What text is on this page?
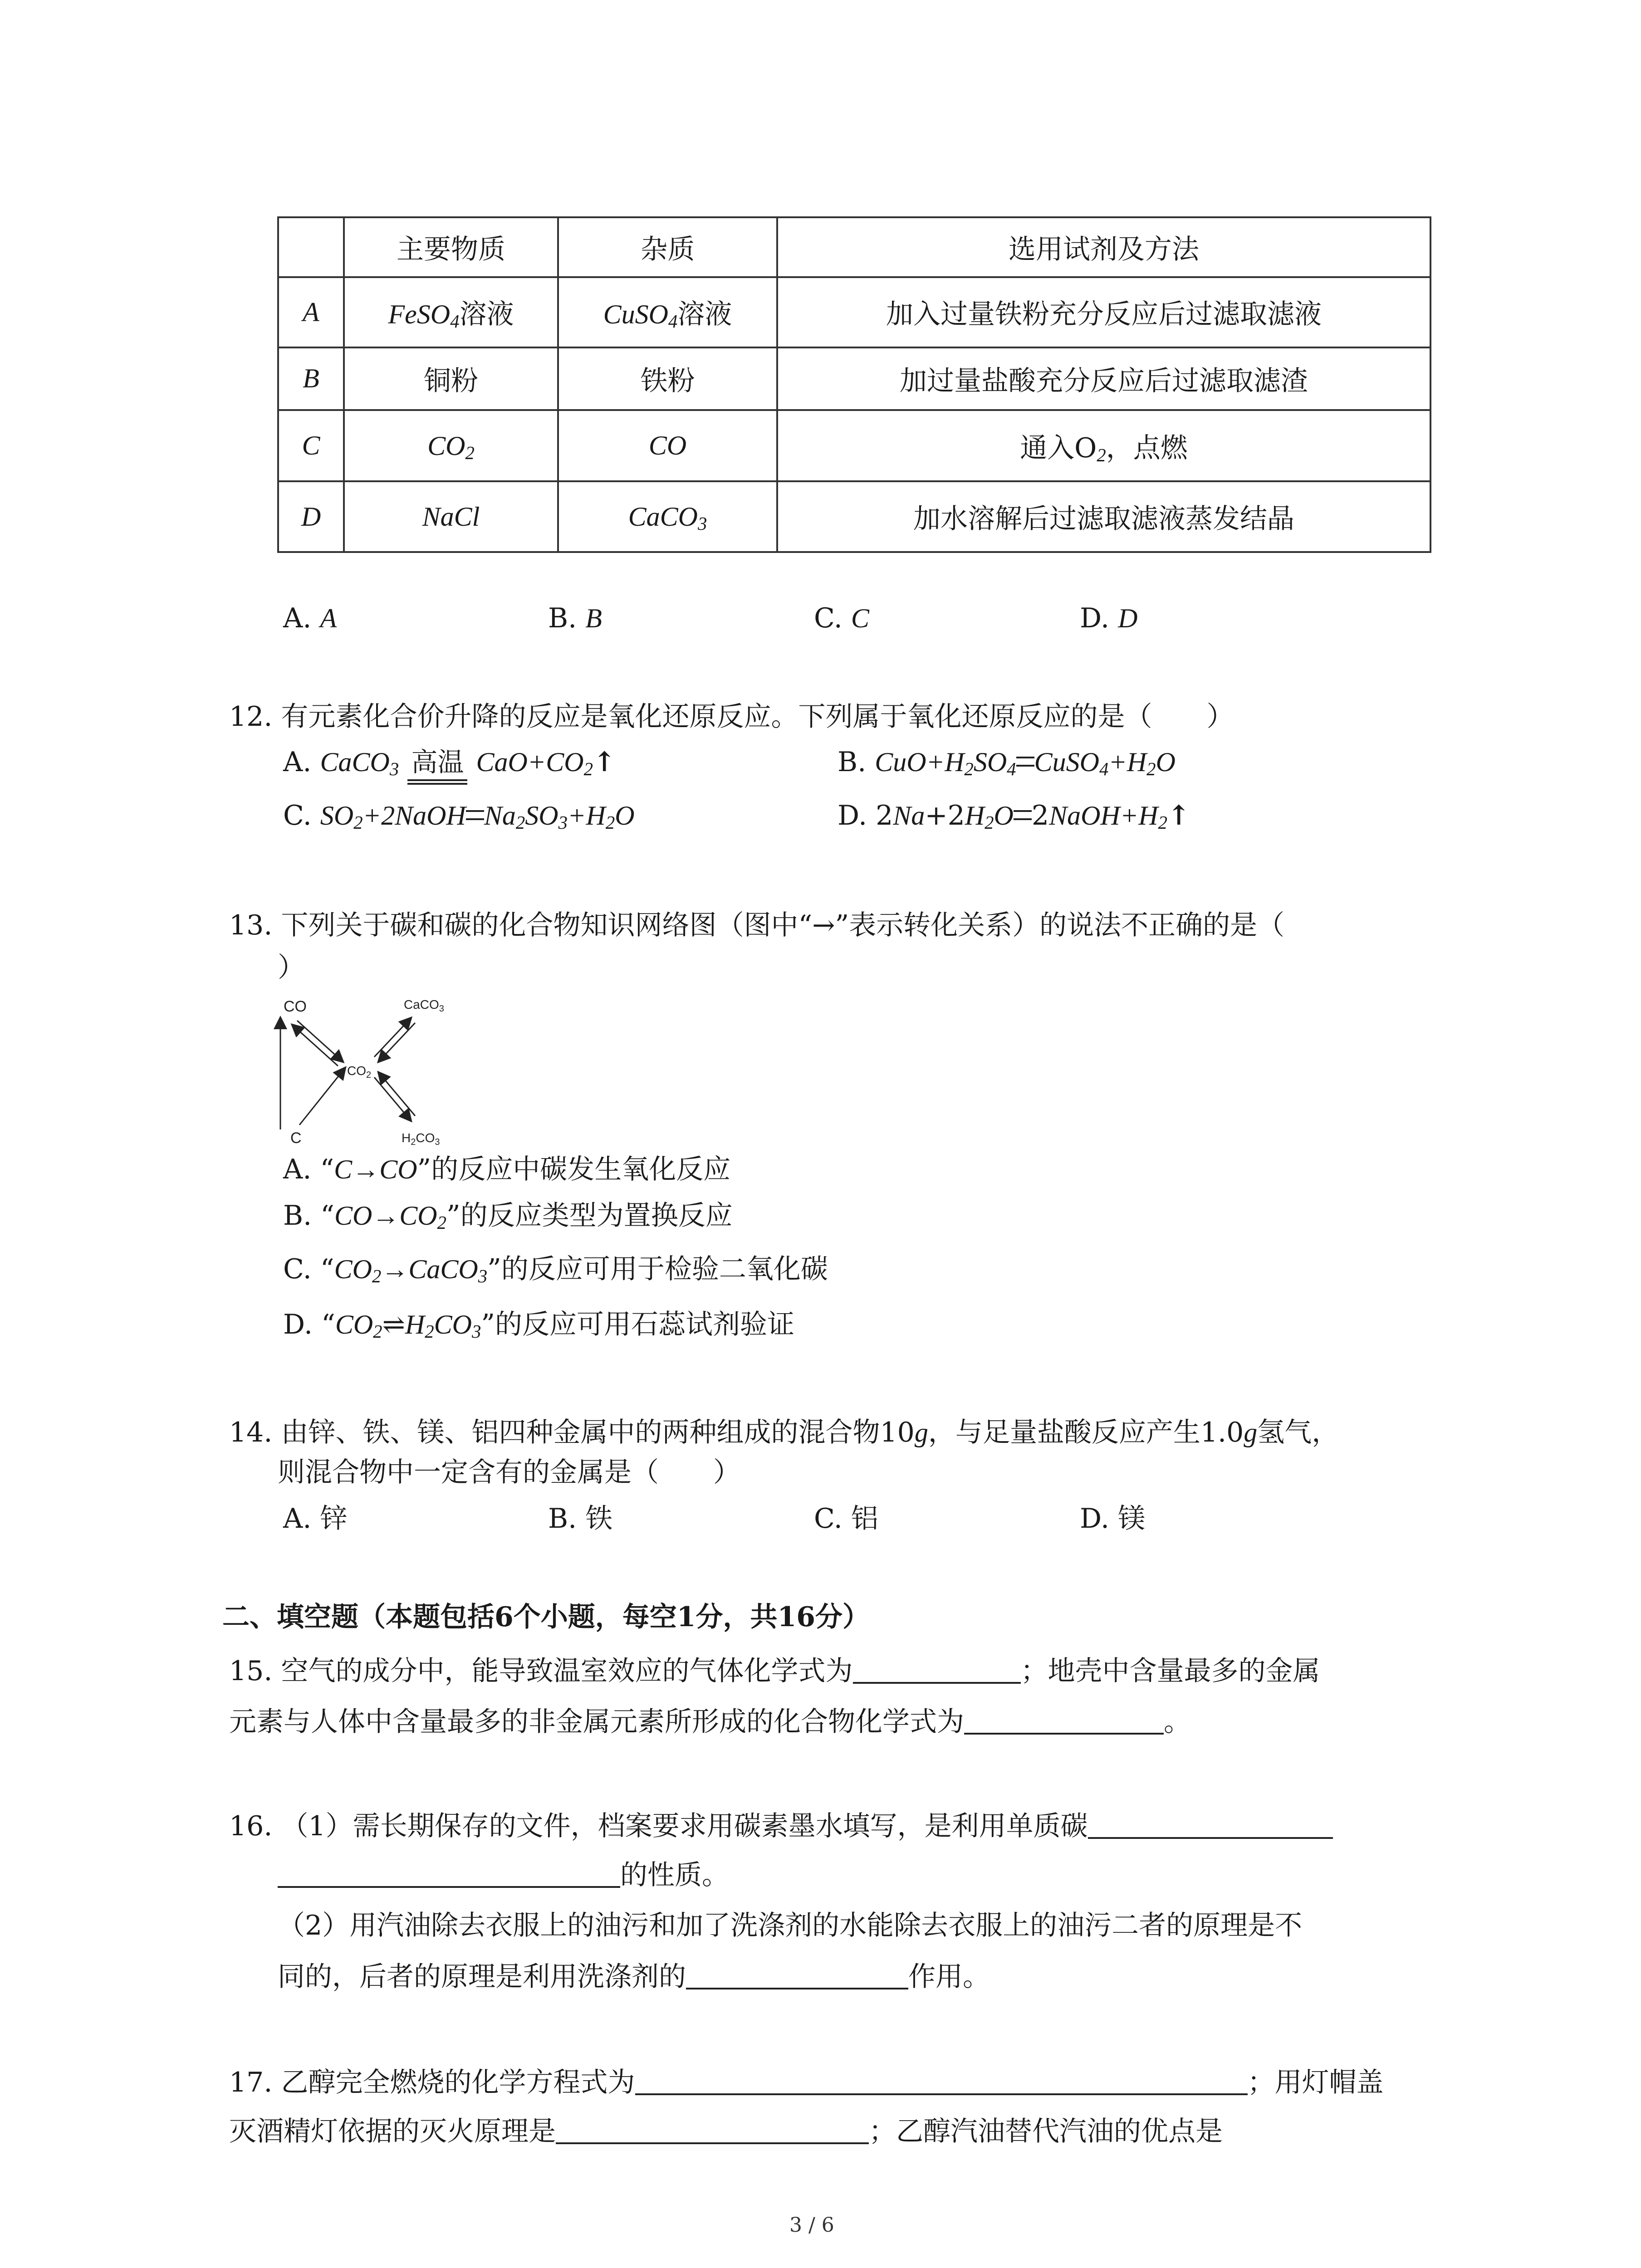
	主要物质	杂质	选用试剂及方法
A	FeSO$_4$溶液	CuSO$_4$溶液	加入过量铁粉充分反应后过滤取滤液
B	铜粉	铁粉	加过量盐酸充分反应后过滤取滤渣
C	$CO_2$	CO	通入$O_2$，点燃
D	NaCl	CaCO$_3$	加水溶解后过滤取滤液蒸发结晶
A. A	B. B	C. C	D. D
12. 有元素化合价升降的反应是氧化还原反应。下列属于氧化还原反应的是（　　）
A. CaCO$_3$ 高温 $CaO+CO_2↑$	B. $CuO+H_2SO_4$ $CuSO_4+H_2O$
C. $SO_2+2NaOH$ $Na_2SO_3+H_2O$	D. $2Na+2H_2O$ $2NaOH+H_2↑$
13. 下列关于碳和碳的化合物知识网络图（图中“→”表示转化关系）的说法不正确的是（
）
CO	CaCO$_3$
$CO_2$
C	$H_2CO_3$
A. “C→CO”的反应中碳发生氧化反应
B. “$CO\to CO_2$”的反应类型为置换反应
C. “$CO_2\to CaCO_3$”的反应可用于检验二氧化碳
D. “$CO_2\rightleftharpoons H_2CO_3$”的反应可用石蕊试剂验证
14. 由锌、铁、镁、铝四种金属中的两种组成的混合物10g，与足量盐酸反应产生1.0g氢气，
则混合物中一定含有的金属是（　　）
A. 锌	B. 铁	C. 铝	D. 镁
二、填空题（本题包括6个小题，每空1分，共16分）
15. 空气的成分中，能导致温室效应的气体化学式为	；地壳中含量最多的金属
元素与人体中含量最多的非金属元素所形成的化合物化学式为	。
16. （1）需长期保存的文件，档案要求用碳素墨水填写，是利用单质碳
的性质。
（2）用汽油除去衣服上的油污和加了洗涤剂的水能除去衣服上的油污二者的原理是不
同的，后者的原理是利用洗涤剂的	作用。
17. 乙醇完全燃烧的化学方程式为	；用灯帽盖
灭酒精灯依据的灭火原理是	；乙醇汽油替代汽油的优点是
3 / 6
